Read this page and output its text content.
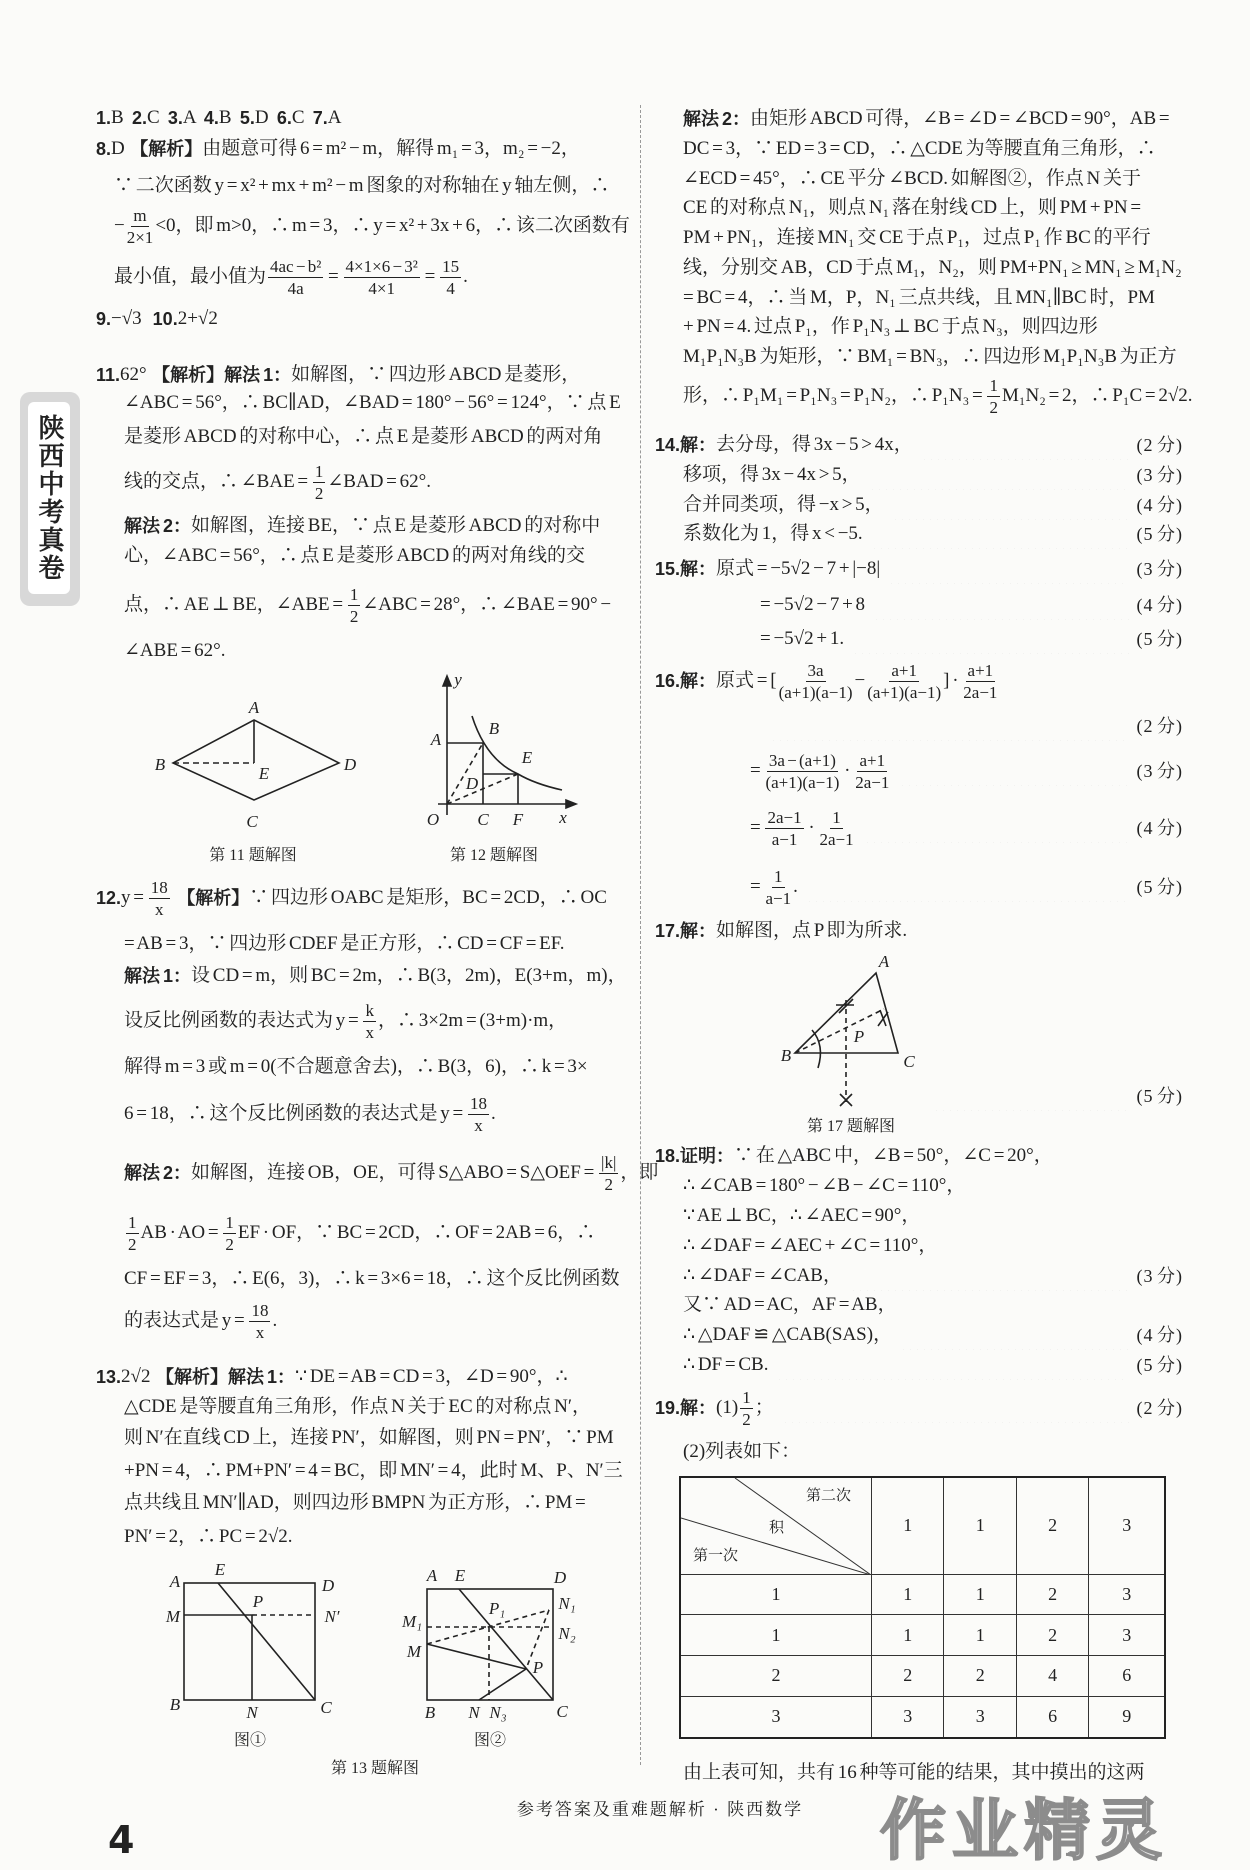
陕西中考真卷
1. B 2. C 3. A 4. B 5. D 6. C 7. A
8. D 【解析】 由题意可得 6 = m² − m，解得 m₁ = 3，m₂ = −2，
∵ 二次函数 y = x² + mx + m² − m 图象的对称轴在 y 轴左侧，∴
− $\frac{m}{2\times 1} <0$，即 m>0，∴ m = 3，∴ y = x² + 3x + 6，∴ 该二次函数有
最小值，最小值为 $\frac{\text{4ac − b²}}{4a} = \frac{\text{4×1×6 − 3²}}{4\times 1} = \frac{15}{4}$ .
9. −√3 10. 2+√2
11. 62° 【解析】解法 1： 如解图，∵ 四边形 ABCD 是菱形，
∠ABC = 56°，∴ BC∥AD，∠BAD = 180° − 56° = 124°，∵ 点 E
是菱形 ABCD 的对称中心，∴ 点 E 是菱形 ABCD 的两对角
线的交点，∴ ∠BAE = $\frac{1}{2}$ ∠BAD = 62°.
解法 2： 如解图，连接 BE，∵ 点 E 是菱形 ABCD 的对称中
心，∠ABC = 56°，∴ 点 E 是菱形 ABCD 的两对角线的交
点，∴ AE ⊥ BE，∠ABE = $\frac{1}{2}$ ∠ABC = 28°，∴ ∠BAE = 90° −
∠ABE = 62°.
A
B
C
D
E
第 11 题解图
y
A
B
E
D
O C F x
第 12 题解图
12. $y = \frac{18}{x}$
【解析】 ∵ 四边形 OABC 是矩形，BC = 2CD，∴ OC
= AB = 3，∵ 四边形 CDEF 是正方形，∴ CD = CF = EF.
解法 1： 设 CD = m，则 BC = 2m，∴ B(3，2m)，E(3+m，m)，
设反比例函数的表达式为 $y = \frac{k}{x}$ ，∴ 3×2m = (3+m)·m，
解得 m = 3 或 m = 0(不合题意舍去)，∴ B(3，6)，∴ k = 3×
6 = 18，∴ 这个反比例函数的表达式是 $y = \frac{18}{x}$ .
解法 2： 如解图，连接 OB，OE，可得 S△ABO = S△OEF = $\frac{|k|}{2}$ ，即
$\frac{1}{2}$ AB · AO = $\frac{1}{2}$ EF · OF，∵ BC = 2CD，∴ OF = 2AB = 6，∴
CF = EF = 3，∴ E(6，3)，∴ k = 3×6 = 18，∴ 这个反比例函数
的表达式是 $y = \frac{18}{x}$ .
13. 2√2 【解析】解法 1： ∵ DE = AB = CD = 3，∠D = 90°，∴
△CDE 是等腰直角三角形，作点 N 关于 EC 的对称点 N′，
则 N′在直线 CD 上，连接 PN′，如解图，则 PN = PN′，∵ PM
+PN = 4，∴ PM+PN′ = 4 = BC，即 MN′ = 4，此时 M、P、N′三
点共线且 MN′∥AD，则四边形 BMPN 为正方形，∴ PM =
PN′ = 2，∴ PC = 2√2.
A
E
D
M
P
N′
B	N	C
图①
A E	D
M₁
P₁	N₁
N₂
M
P
B N N₃	C
图②
第 13 题解图
解法 2： 由矩形 ABCD 可得，∠B = ∠D = ∠BCD = 90°，AB =
DC = 3，∵ ED = 3 = CD，∴ △CDE 为等腰直角三角形，∴
∠ECD = 45°，∴ CE 平分 ∠BCD. 如解图②，作点 N 关于
CE 的对称点 N₁，则点 N₁ 落在射线 CD 上，则 PM + PN =
PM + PN₁，连接 MN₁ 交 CE 于点 P₁，过点 P₁ 作 BC 的平行
线，分别交 AB，CD 于点 M₁，N₂，则 PM+PN₁ ≥ MN₁ ≥ M₁N₂
= BC = 4，∴ 当 M，P，N₁ 三点共线，且 MN₁∥BC 时，PM
+ PN = 4. 过点 P₁，作 P₁N₃ ⊥ BC 于点 N₃，则四边形
M₁P₁N₃B 为矩形，∵ BM₁ = BN₃，∴ 四边形 M₁P₁N₃B 为正方
形，∴ P₁M₁ = P₁N₃ = P₁N₂，∴ $P_1N_3 = \frac{1}{2} M_1N_2 = 2$，∴ P₁C = 2√2.
14.解： 去分母，得 3x − 5 > 4x，	(2 分)
移项，得 3x − 4x > 5，	(3 分)
合并同类项，得 −x > 5，	(4 分)
系数化为 1，得 x < −5.	(5 分)
15.解： 原式 = −5√2 − 7 + |−8|	(3 分)
= −5√2 − 7 + 8	(4 分)
= −5√2 + 1.	(5 分)
16.解： 原式 = [ $\frac{3a}{(a+1)(a-1)} - \frac{a+1}{(a+1)(a-1)}$ ] · $\frac{a+1}{2a-1}$
(2 分)
= $\frac{3a - (a+1)}{(a+1)(a-1)} \cdot \frac{a+1}{2a-1}$	(3 分)
= $\frac{2a-1}{a-1} \cdot \frac{1}{2a-1}$	(4 分)
= $\frac{1}{a-1}$ .	(5 分)
17.解： 如解图，点 P 即为所求.
(5 分)
A
B	C
P
第 17 题解图
18.证明： ∵ 在 △ABC 中，∠B = 50°，∠C = 20°，
∴ ∠CAB = 180° − ∠B − ∠C = 110°，
∵ AE ⊥ BC，∴ ∠AEC = 90°，
∴ ∠DAF = ∠AEC + ∠C = 110°，
∴ ∠DAF = ∠CAB，	(3 分)
又∵ AD = AC，AF = AB，
∴ △DAF ≌ △CAB(SAS)，	(4 分)
∴ DF = CB.	(5 分)
19.解： $(1) \frac{1}{2}$ ；	(2 分)
(2)列表如下：
第二次
积
第一次	1	1	2	3
1	1	1	2	3
1	1	1	2	3
2	2	2	4	6
3	3	3	6	9
由上表可知，共有 16 种等可能的结果，其中摸出的这两
参考答案及重难题解析 · 陕西数学
4	作业精灵
